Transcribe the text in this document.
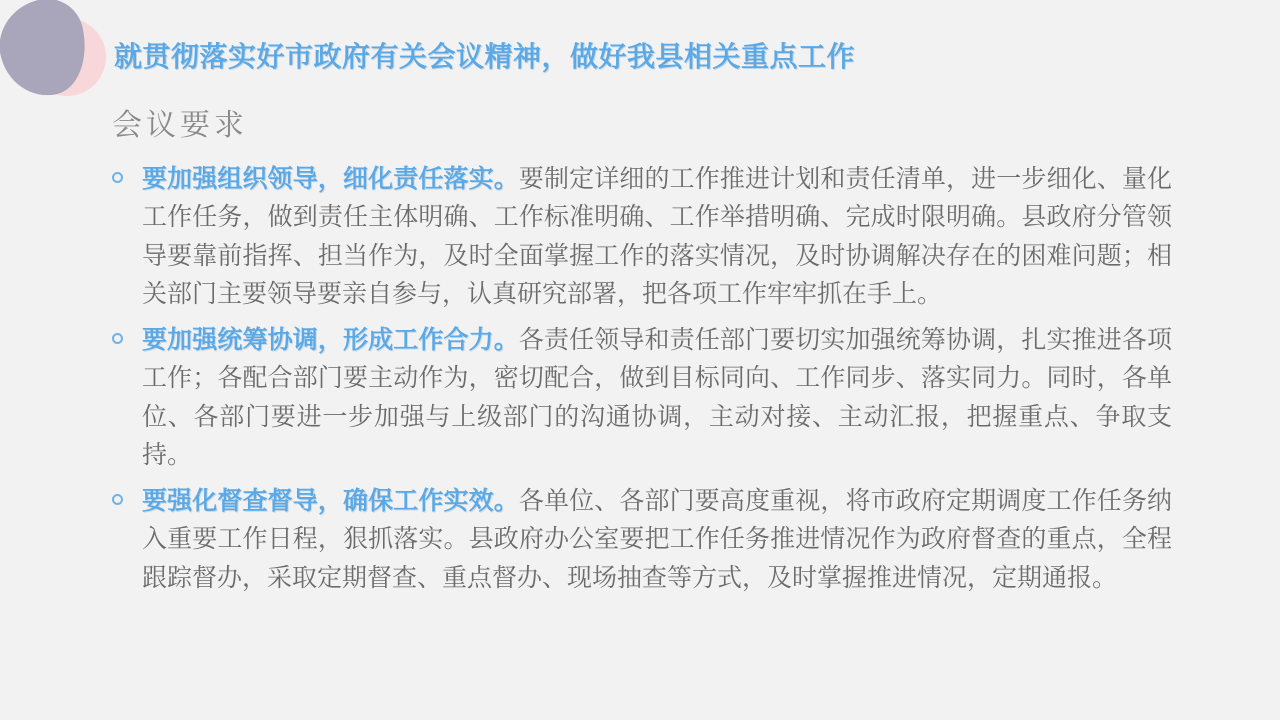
就贯彻落实好市政府有关会议精神，做好我县相关重点工作
会议要求
要加强组织领导，细化责任落实。要制定详细的工作推进计划和责任清单，进一步细化、量化工作任务，做到责任主体明确、工作标准明确、工作举措明确、完成时限明确。县政府分管领导要靠前指挥、担当作为，及时全面掌握工作的落实情况，及时协调解决存在的困难问题；相关部门主要领导要亲自参与，认真研究部署，把各项工作牢牢抓在手上。
要加强统筹协调，形成工作合力。各责任领导和责任部门要切实加强统筹协调，扎实推进各项工作；各配合部门要主动作为，密切配合，做到目标同向、工作同步、落实同力。同时，各单位、各部门要进一步加强与上级部门的沟通协调，主动对接、主动汇报，把握重点、争取支持。
要强化督查督导，确保工作实效。各单位、各部门要高度重视，将市政府定期调度工作任务纳入重要工作日程，狠抓落实。县政府办公室要把工作任务推进情况作为政府督查的重点，全程跟踪督办，采取定期督查、重点督办、现场抽查等方式，及时掌握推进情况，定期通报。
